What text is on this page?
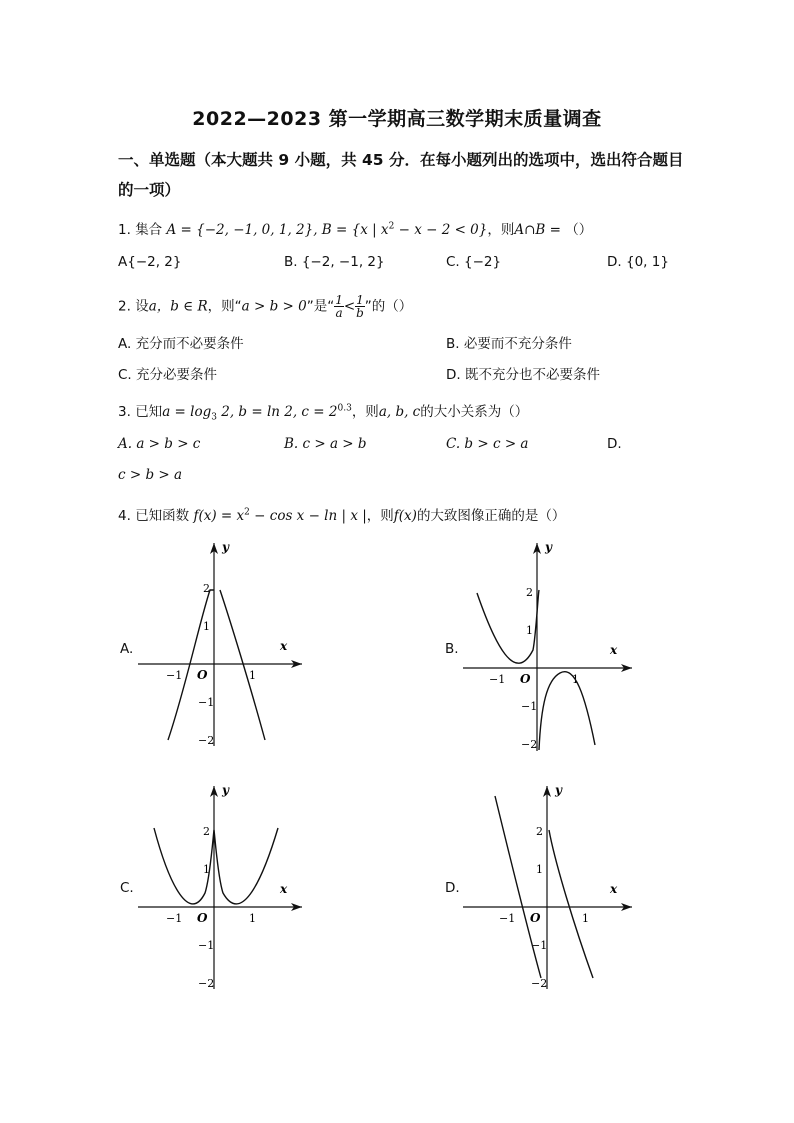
2022—2023 第一学期高三数学期末质量调查
一、单选题（本大题共 9 小题，共 45 分．在每小题列出的选项中，选出符合题目的一项）
1. 集合 A = {−2, −1, 0, 1, 2}, B = {x | $x^2 - x - 2 < 0$}，则A∩B = （）
A{−2, 2}	B. {−2, −1, 2}	C. {−2}	D. {0, 1}
2. 设a，b ∈ R，则“a > b > 0”是“ $\frac{1}{a} < \frac{1}{b}$ ”的（）
A. 充分而不必要条件	B. 必要而不充分条件
C. 充分必要条件	D. 既不充分也不必要条件
3. 已知$a = \log_3 2$, b = ln 2, $c = 2^{0.3}$，则a, b, c的大小关系为（）
A. a > b > c	B. c > a > b	C. b > c > a	D.
c > b > a
4. 已知函数 $f(x) = x^2 - \cos x - \ln$ | x |，则f(x)的大致图像正确的是（）
A.	B.
C.	D.
x
y
O
−1	1
2
1
−1
−2
x
y
O
−1	1
2
1
−1
−2
x
y
O
−1	1
2
1
−1
−2
x
y
O
−1	1
2
1
−1
−2
